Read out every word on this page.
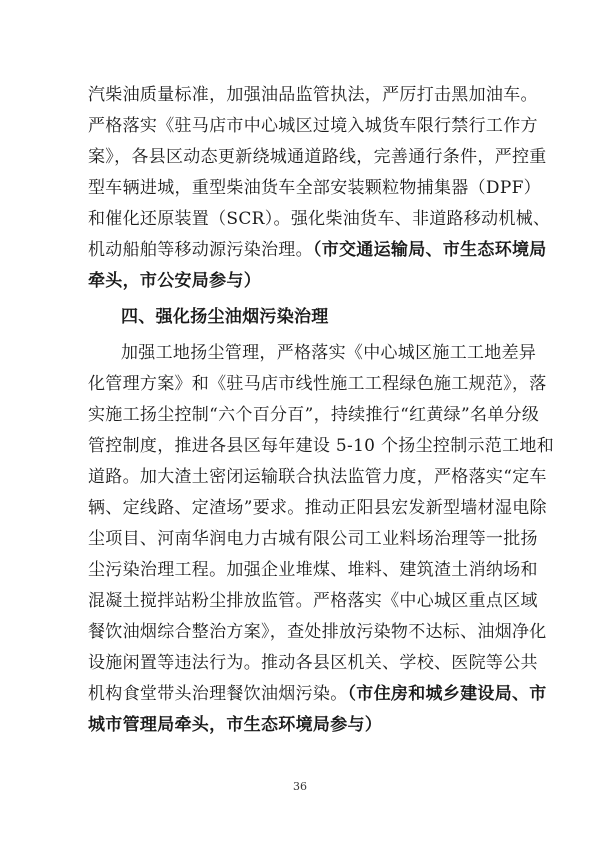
汽柴油质量标准，加强油品监管执法，严厉打击黑加油车。
严格落实《驻马店市中心城区过境入城货车限行禁行工作方
案》，各县区动态更新绕城通道路线，完善通行条件，严控重
型车辆进城，重型柴油货车全部安装颗粒物捕集器（DPF）
和催化还原装置（SCR）。强化柴油货车、非道路移动机械、
机动船舶等移动源污染治理。（市交通运输局、市生态环境局
牵头，市公安局参与）
四、强化扬尘油烟污染治理
加强工地扬尘管理，严格落实《中心城区施工工地差异
化管理方案》和《驻马店市线性施工工程绿色施工规范》，落
实施工扬尘控制“六个百分百”，持续推行“红黄绿”名单分级
管控制度，推进各县区每年建设 5-10 个扬尘控制示范工地和
道路。加大渣土密闭运输联合执法监管力度，严格落实“定车
辆、定线路、定渣场”要求。推动正阳县宏发新型墙材湿电除
尘项目、河南华润电力古城有限公司工业料场治理等一批扬
尘污染治理工程。加强企业堆煤、堆料、建筑渣土消纳场和
混凝土搅拌站粉尘排放监管。严格落实《中心城区重点区域
餐饮油烟综合整治方案》，查处排放污染物不达标、油烟净化
设施闲置等违法行为。推动各县区机关、学校、医院等公共
机构食堂带头治理餐饮油烟污染。（市住房和城乡建设局、市
城市管理局牵头，市生态环境局参与）
36
